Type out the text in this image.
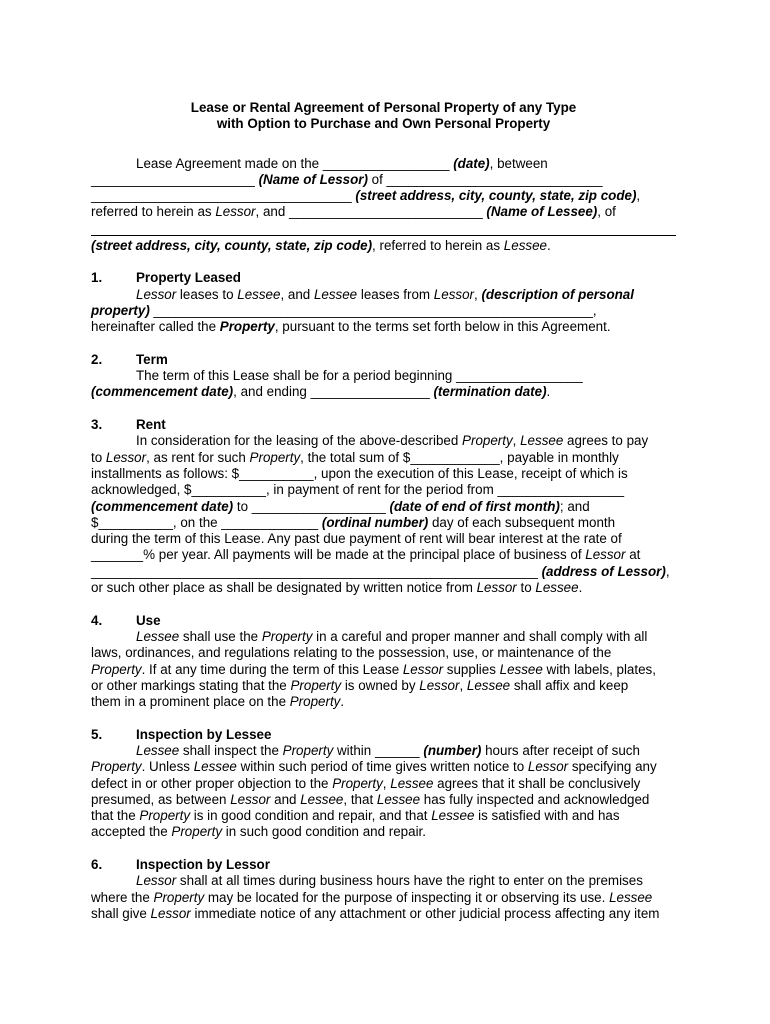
Lease or Rental Agreement of Personal Property of any Type
with Option to Purchase and Own Personal Property
Lease Agreement made on the _________________ (date), between
______________________ (Name of Lessor) of _____________________________
___________________________________ (street address, city, county, state, zip code),
referred to herein as Lessor, and __________________________ (Name of Lessee), of
(street address, city, county, state, zip code), referred to herein as Lessee.
1.	Property Leased
Lessor leases to Lessee, and Lessee leases from Lessor, (description of personal
property) ___________________________________________________________,
hereinafter called the Property, pursuant to the terms set forth below in this Agreement.
2.	Term
The term of this Lease shall be for a period beginning _________________
(commencement date), and ending ________________ (termination date).
3.	Rent
In consideration for the leasing of the above-described Property, Lessee agrees to pay
to Lessor, as rent for such Property, the total sum of $____________, payable in monthly
installments as follows: $__________, upon the execution of this Lease, receipt of which is
acknowledged, $__________, in payment of rent for the period from _________________
(commencement date) to __________________ (date of end of first month); and
$__________, on the _____________ (ordinal number) day of each subsequent month
during the term of this Lease. Any past due payment of rent will bear interest at the rate of
_______% per year. All payments will be made at the principal place of business of Lessor at
____________________________________________________________ (address of Lessor),
or such other place as shall be designated by written notice from Lessor to Lessee.
4.	Use
Lessee shall use the Property in a careful and proper manner and shall comply with all
laws, ordinances, and regulations relating to the possession, use, or maintenance of the
Property. If at any time during the term of this Lease Lessor supplies Lessee with labels, plates,
or other markings stating that the Property is owned by Lessor, Lessee shall affix and keep
them in a prominent place on the Property.
5.	Inspection by Lessee
Lessee shall inspect the Property within ______ (number) hours after receipt of such
Property. Unless Lessee within such period of time gives written notice to Lessor specifying any
defect in or other proper objection to the Property, Lessee agrees that it shall be conclusively
presumed, as between Lessor and Lessee, that Lessee has fully inspected and acknowledged
that the Property is in good condition and repair, and that Lessee is satisfied with and has
accepted the Property in such good condition and repair.
6.	Inspection by Lessor
Lessor shall at all times during business hours have the right to enter on the premises
where the Property may be located for the purpose of inspecting it or observing its use. Lessee
shall give Lessor immediate notice of any attachment or other judicial process affecting any item
